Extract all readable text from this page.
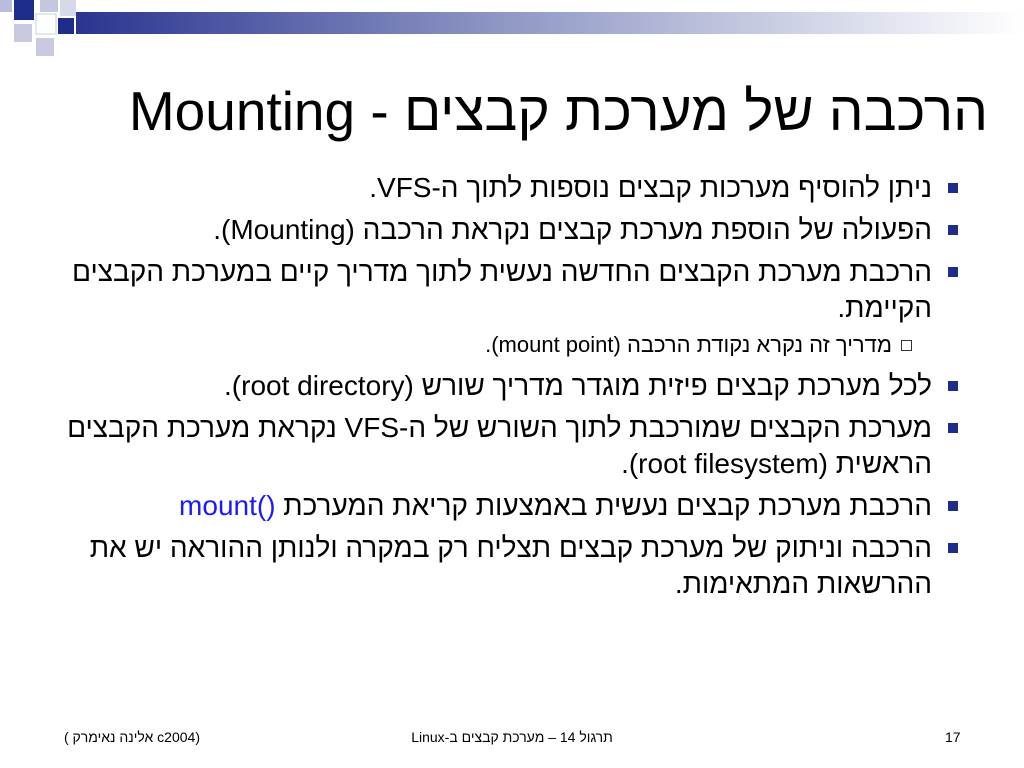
הרכבה של מערכת קבצים - Mounting
ניתן להוסיף מערכות קבצים נוספות לתוך ה-VFS.
הפעולה של הוספת מערכת קבצים נקראת הרכבה (Mounting).
הרכבת מערכת הקבצים החדשה נעשית לתוך מדריך קיים במערכת הקבצים הקיימת.
מדריך זה נקרא נקודת הרכבה (mount point).
לכל מערכת קבצים פיזית מוגדר מדריך שורש (root directory).
מערכת הקבצים שמורכבת לתוך השורש של ה-VFS נקראת מערכת הקבצים הראשית (root filesystem).
הרכבת מערכת קבצים נעשית באמצעות קריאת המערכת mount()
הרכבה וניתוק של מערכת קבצים תצליח רק במקרה ולנותן ההוראה יש את ההרשאות המתאימות.
(c2004 אלינה נאימרק )	תרגול 14 – מערכת קבצים ב-Linux	17
